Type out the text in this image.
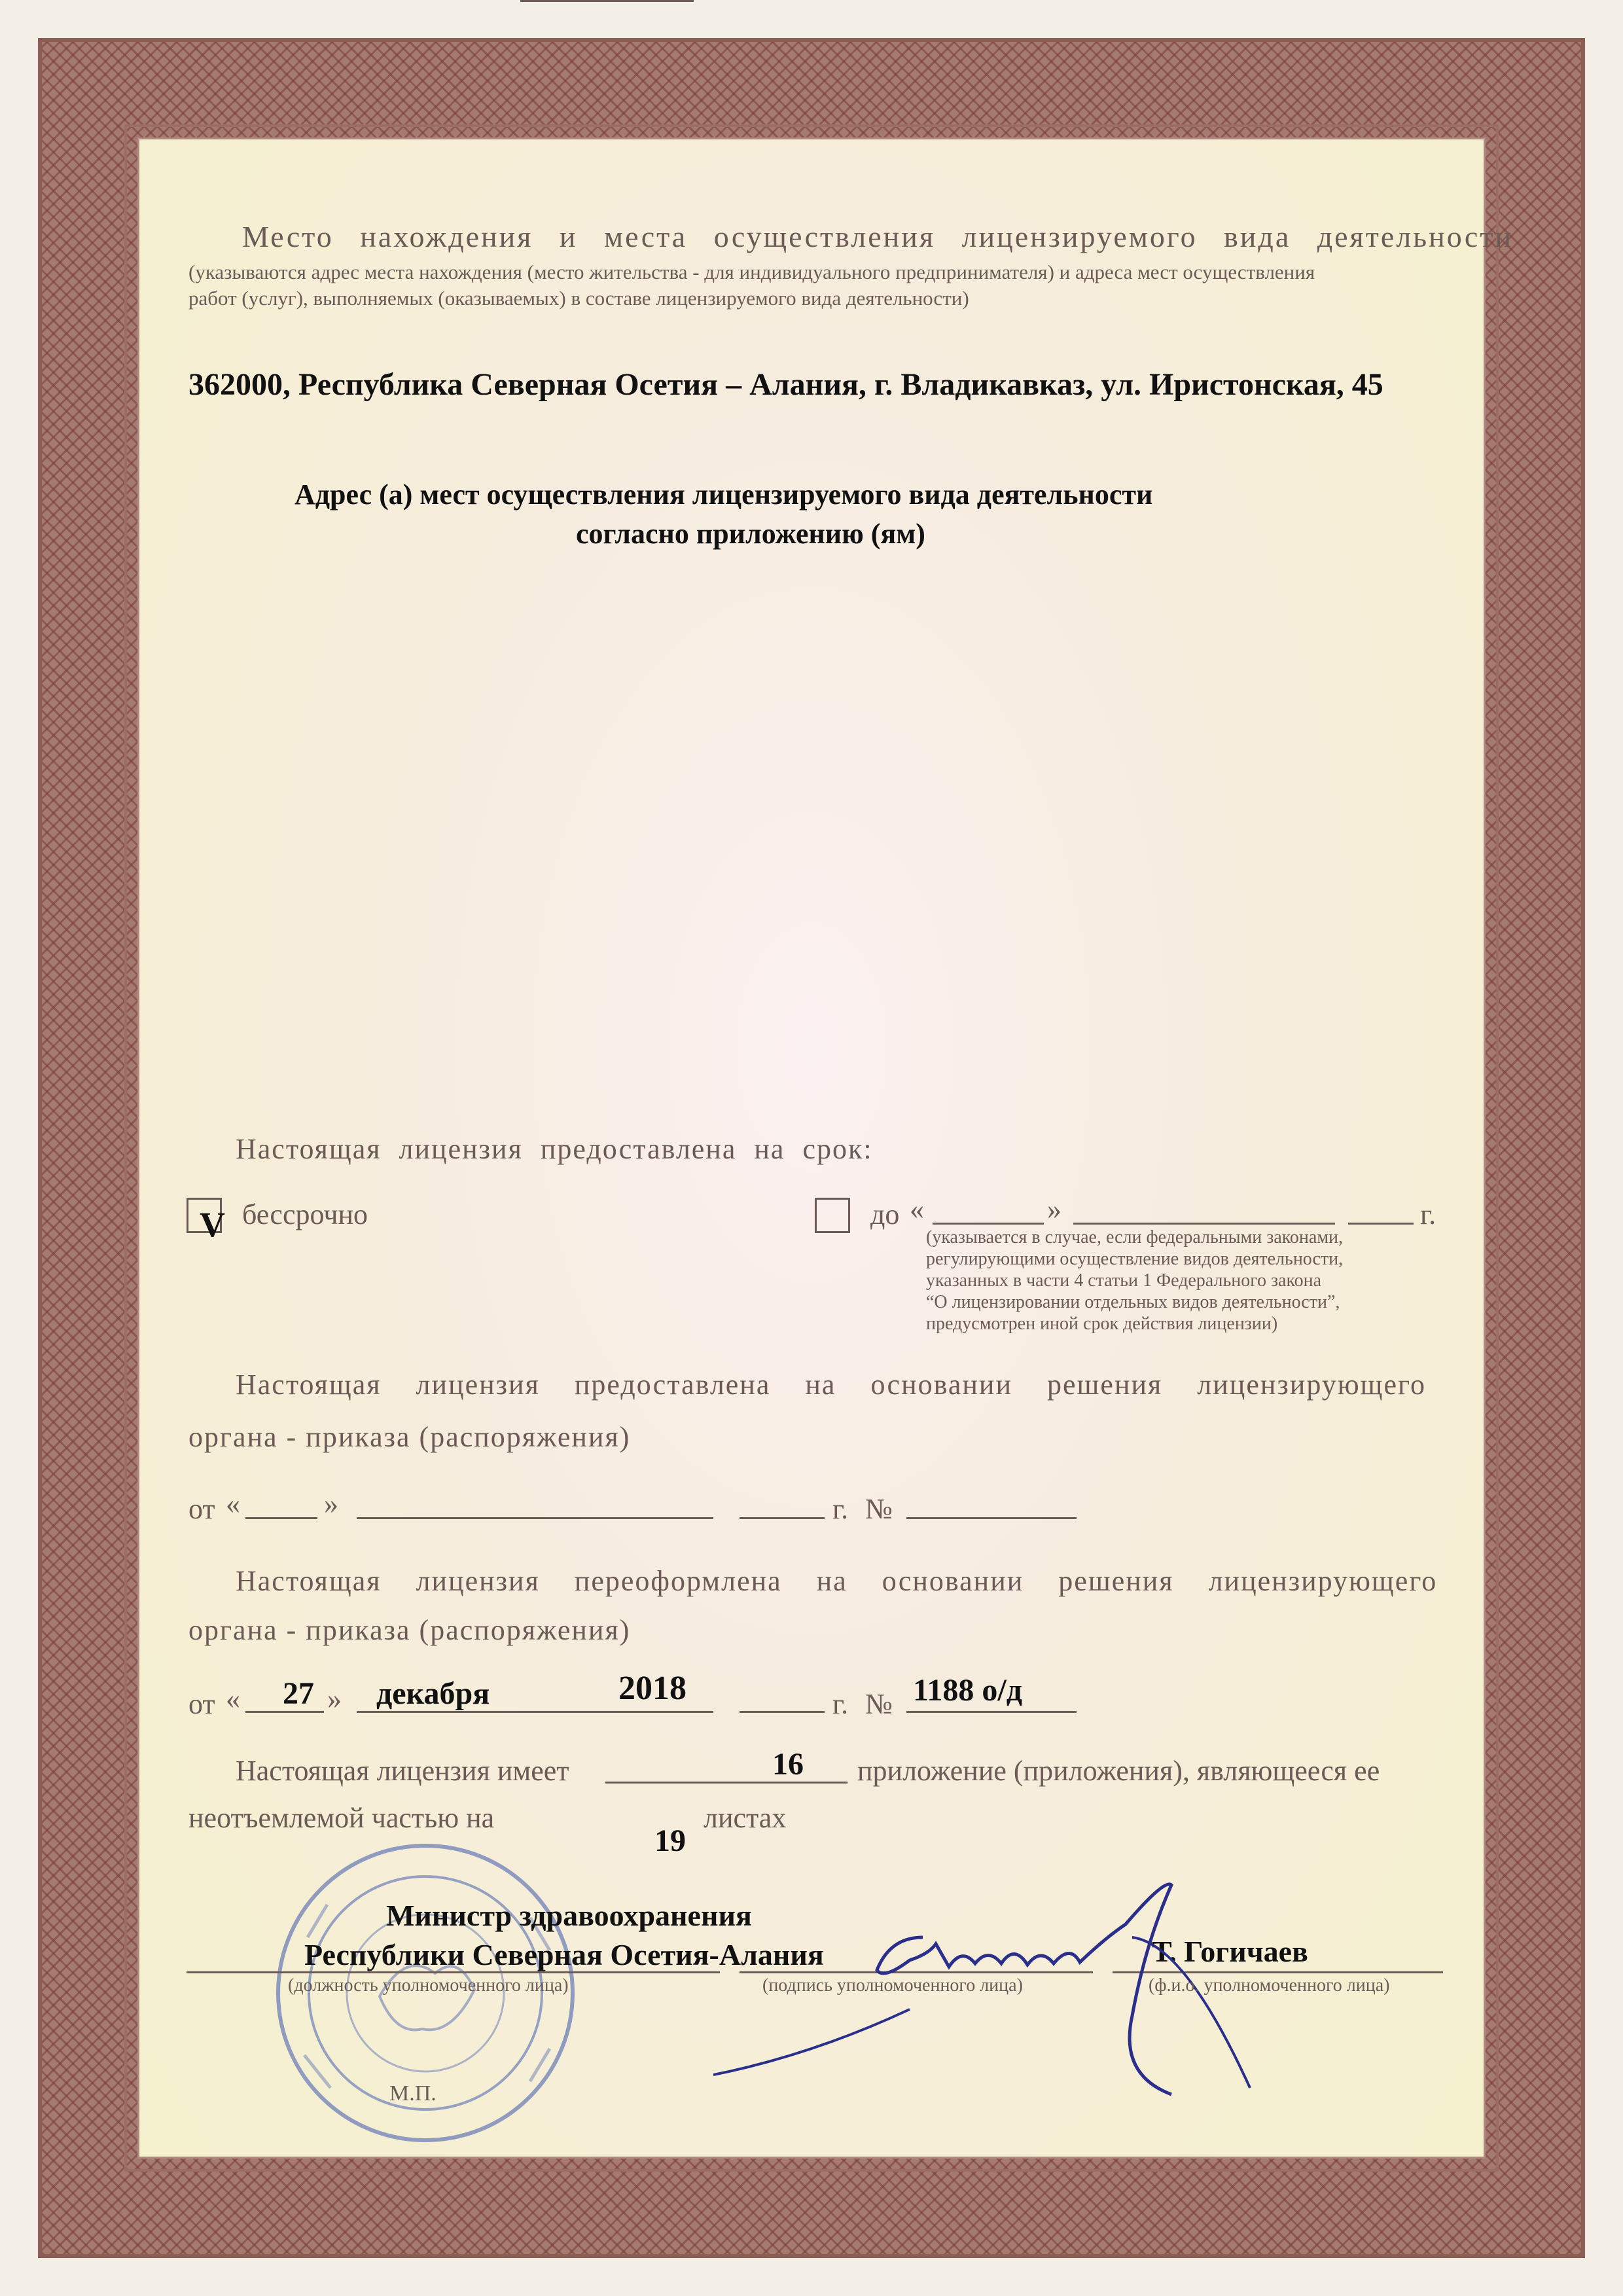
Место нахождения и места осуществления лицензируемого вида деятельности
(указываются адрес места нахождения (место жительства - для индивидуального предпринимателя) и адреса мест осуществления
работ (услуг), выполняемых (оказываемых) в составе лицензируемого вида деятельности)
362000, Республика Северная Осетия – Алания, г. Владикавказ, ул. Иристонская, 45
Адрес (а) мест осуществления лицензируемого вида деятельности
согласно приложению (ям)
Настоящая лицензия предоставлена на срок:
V бессрочно	до «	»	г.
(указывается в случае, если федеральными законами,
регулирующими осуществление видов деятельности,
указанных в части 4 статьи 1 Федерального закона
“О лицензировании отдельных видов деятельности”,
предусмотрен иной срок действия лицензии)
Настоящая лицензия предоставлена на основании решения лицензирующего
органа - приказа (распоряжения)
от «	»	г. №
Настоящая лицензия переоформлена на основании решения лицензирующего
органа - приказа (распоряжения)
от « 27 » декабря	2018	г. № 1188 о/д
Настоящая лицензия имеет	16 приложение (приложения), являющееся ее
неотъемлемой частью на
19
листах
М.П.
Министр здравоохранения
Республики Северная Осетия-Алания	Т. Гогичаев
(должность уполномоченного лица)	(подпись уполномоченного лица)	(ф.и.о. уполномоченного лица)
